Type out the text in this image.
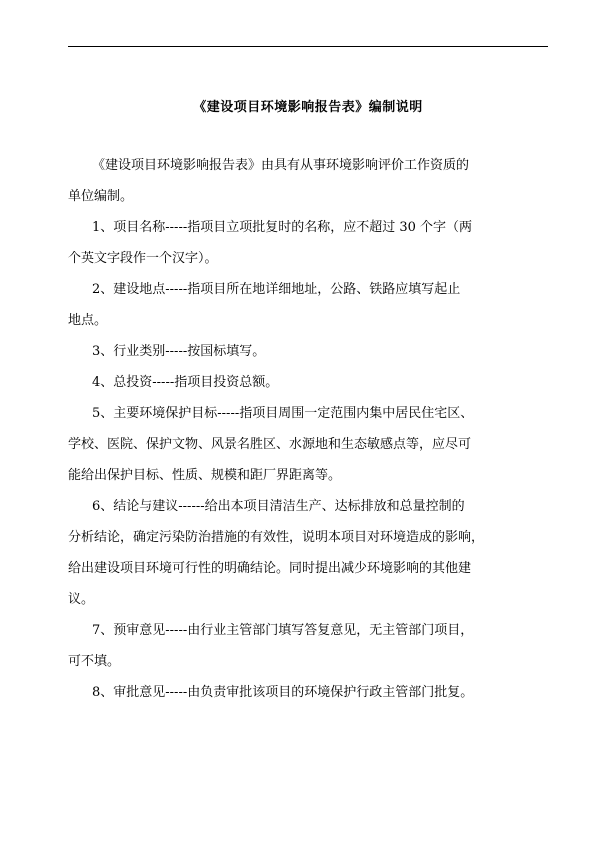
《建设项目环境影响报告表》编制说明
《建设项目环境影响报告表》由具有从事环境影响评价工作资质的
单位编制。
1、项目名称-----指项目立项批复时的名称，应不超过 30 个字（两
个英文字段作一个汉字）。
2、建设地点-----指项目所在地详细地址，公路、铁路应填写起止
地点。
3、行业类别-----按国标填写。
4、总投资-----指项目投资总额。
5、主要环境保护目标-----指项目周围一定范围内集中居民住宅区、
学校、医院、保护文物、风景名胜区、水源地和生态敏感点等，应尽可
能给出保护目标、性质、规模和距厂界距离等。
6、结论与建议------给出本项目清洁生产、达标排放和总量控制的
分析结论，确定污染防治措施的有效性，说明本项目对环境造成的影响，
给出建设项目环境可行性的明确结论。同时提出减少环境影响的其他建
议。
7、预审意见-----由行业主管部门填写答复意见，无主管部门项目，
可不填。
8、审批意见-----由负责审批该项目的环境保护行政主管部门批复。
